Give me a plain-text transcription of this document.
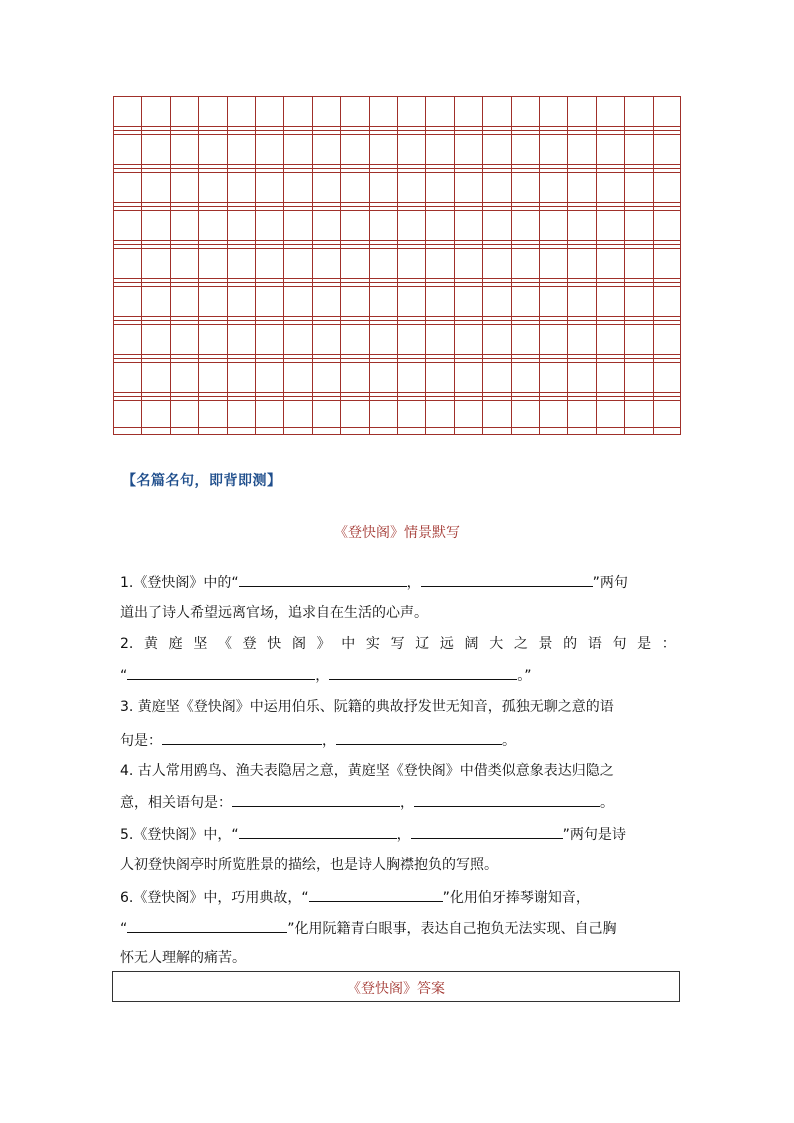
【名篇名句，即背即测】
《登快阁》情景默写
1.《登快阁》中的“	，	”两句
道出了诗人希望远离官场，追求自在生活的心声。
2. 黄 庭 坚 《 登 快 阁 》 中 实 写 辽 远 阔 大 之 景 的 语 句 是 ：
“	，	。”
3. 黄庭坚《登快阁》中运用伯乐、阮籍的典故抒发世无知音，孤独无聊之意的语
句是：	，	。
4. 古人常用鸥鸟、渔夫表隐居之意，黄庭坚《登快阁》中借类似意象表达归隐之
意，相关语句是：	，	。
5.《登快阁》中，“	，	”两句是诗
人初登快阁亭时所览胜景的描绘，也是诗人胸襟抱负的写照。
6.《登快阁》中，巧用典故，“	”化用伯牙捧琴谢知音，
“	”化用阮籍青白眼事，表达自己抱负无法实现、自己胸
怀无人理解的痛苦。
《登快阁》答案
